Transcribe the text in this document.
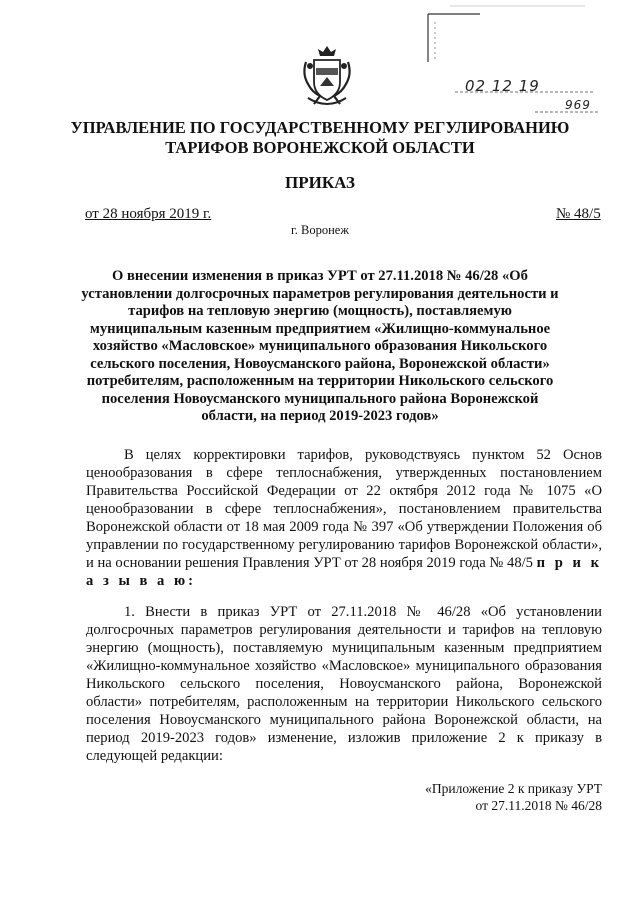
02 12 19
969
УПРАВЛЕНИЕ ПО ГОСУДАРСТВЕННОМУ РЕГУЛИРОВАНИЮ
ТАРИФОВ ВОРОНЕЖСКОЙ ОБЛАСТИ
ПРИКАЗ
от 28 ноября 2019 г.	№ 48/5
г. Воронеж
О внесении изменения в приказ УРТ от 27.11.2018 № 46/28 «Об установлении долгосрочных параметров регулирования деятельности и тарифов на тепловую энергию (мощность), поставляемую муниципальным казенным предприятием «Жилищно-коммунальное хозяйство «Масловское» муниципального образования Никольского сельского поселения, Новоусманского района, Воронежской области» потребителям, расположенным на территории Никольского сельского поселения Новоусманского муниципального района Воронежской области, на период 2019-2023 годов»
В целях корректировки тарифов, руководствуясь пунктом 52 Основ ценообразования в сфере теплоснабжения, утвержденных постановлением Правительства Российской Федерации от 22 октября 2012 года № 1075 «О ценообразовании в сфере теплоснабжения», постановлением правительства Воронежской области от 18 мая 2009 года № 397 «Об утверждении Положения об управлении по государственному регулированию тарифов Воронежской области», и на основании решения Правления УРТ от 28 ноября 2019 года № 48/5 п р и к а з ы в а ю:
1. Внести в приказ УРТ от 27.11.2018 № 46/28 «Об установлении долгосрочных параметров регулирования деятельности и тарифов на тепловую энергию (мощность), поставляемую муниципальным казенным предприятием «Жилищно-коммунальное хозяйство «Масловское» муниципального образования Никольского сельского поселения, Новоусманского района, Воронежской области» потребителям, расположенным на территории Никольского сельского поселения Новоусманского муниципального района Воронежской области, на период 2019-2023 годов» изменение, изложив приложение 2 к приказу в следующей редакции:
«Приложение 2 к приказу УРТ
от 27.11.2018 № 46/28
